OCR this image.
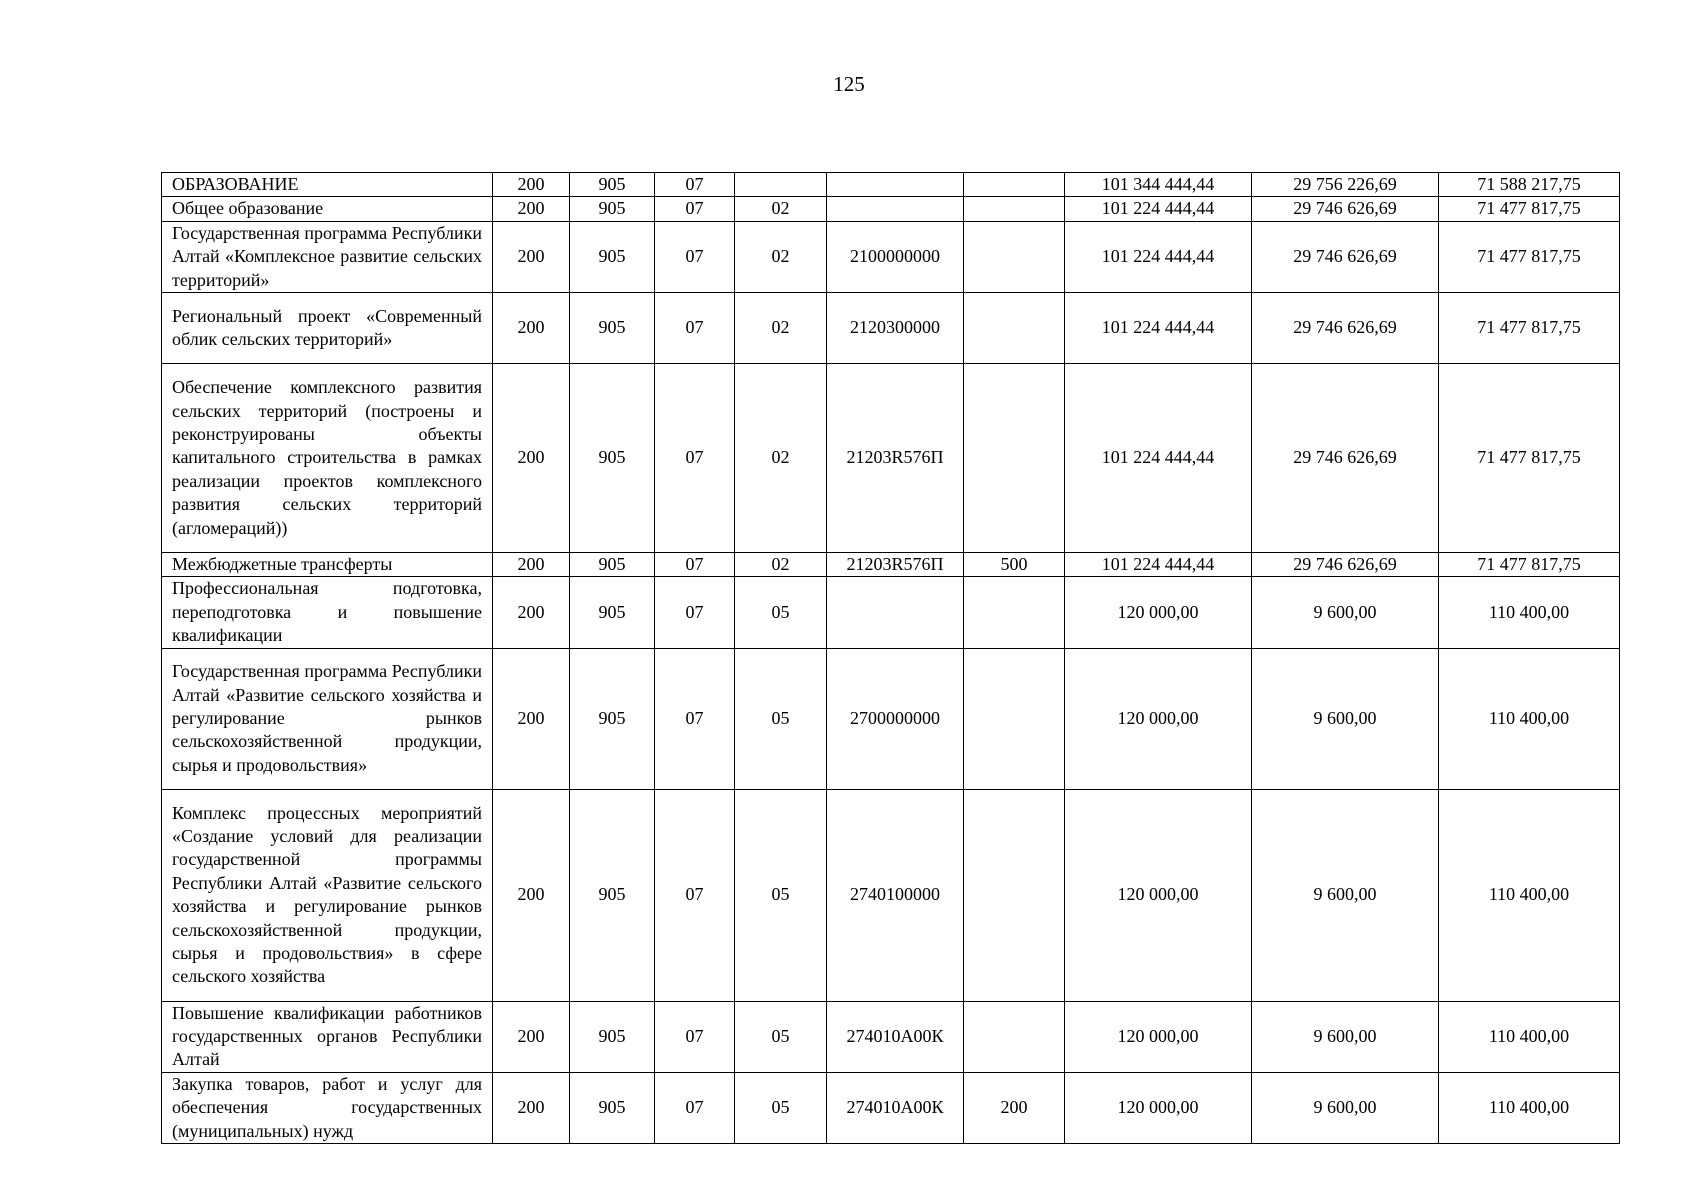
125
ОБРАЗОВАНИЕ	200	905	07				101 344 444,44	29 756 226,69	71 588 217,75
Общее образование	200	905	07	02			101 224 444,44	29 746 626,69	71 477 817,75
Государственная программа Республики Алтай «Комплексное развитие сельских территорий»	200	905	07	02	2100000000		101 224 444,44	29 746 626,69	71 477 817,75
Региональный проект «Современный облик сельских территорий»	200	905	07	02	2120300000		101 224 444,44	29 746 626,69	71 477 817,75
Обеспечение комплексного развития сельских территорий (построены и реконструированы объекты капитального строительства в рамках реализации проектов комплексного развития сельских территорий (агломераций))	200	905	07	02	21203R576П		101 224 444,44	29 746 626,69	71 477 817,75
Межбюджетные трансферты	200	905	07	02	21203R576П	500	101 224 444,44	29 746 626,69	71 477 817,75
Профессиональная подготовка, переподготовка и повышение квалификации	200	905	07	05			120 000,00	9 600,00	110 400,00
Государственная программа Республики Алтай «Развитие сельского хозяйства и регулирование рынков сельскохозяйственной продукции, сырья и продовольствия»	200	905	07	05	2700000000		120 000,00	9 600,00	110 400,00
Комплекс процессных мероприятий «Создание условий для реализации государственной программы Республики Алтай «Развитие сельского хозяйства и регулирование рынков сельскохозяйственной продукции, сырья и продовольствия» в сфере сельского хозяйства	200	905	07	05	2740100000		120 000,00	9 600,00	110 400,00
Повышение квалификации работников государственных органов Республики Алтай	200	905	07	05	274010А00К		120 000,00	9 600,00	110 400,00
Закупка товаров, работ и услуг для обеспечения государственных (муниципальных) нужд	200	905	07	05	274010А00К	200	120 000,00	9 600,00	110 400,00
